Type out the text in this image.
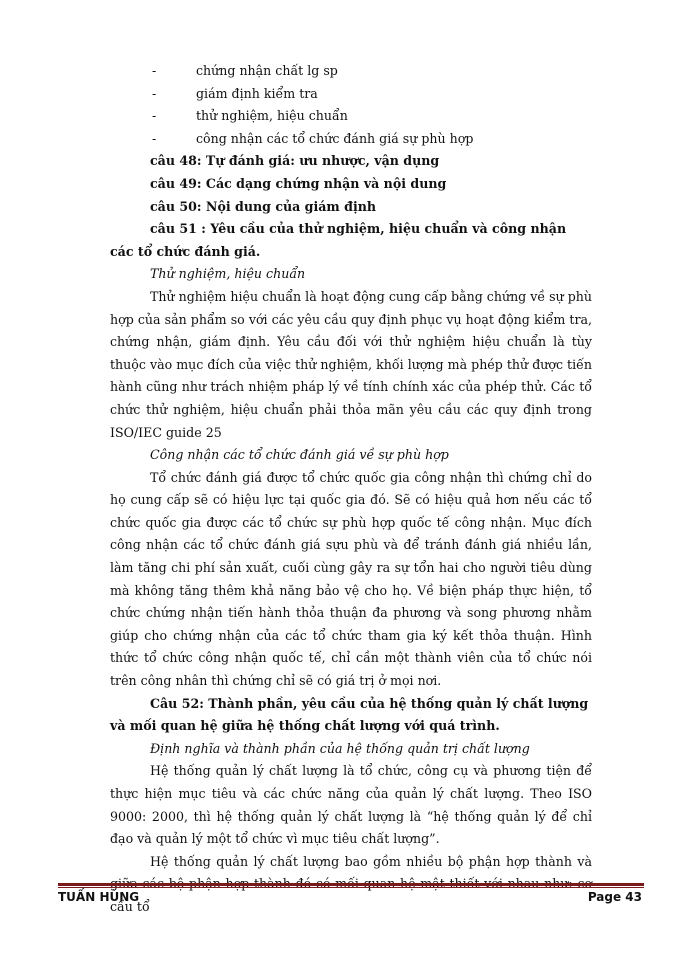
-	chứng nhận chất lg sp
-	giám định kiểm tra
-	thử nghiệm, hiệu chuẩn
-	công nhận các tổ chức đánh giá sự phù hợp
câu 48: Tự đánh giá: ưu nhược, vận dụng
câu 49: Các dạng chứng nhận và nội dung
câu 50: Nội dung của giám định
câu 51 : Yêu cầu của thử nghiệm, hiệu chuẩn và công nhận các tổ chức đánh giá.
Thử nghiệm, hiệu chuẩn
Thử nghiệm hiệu chuẩn là hoạt động cung cấp bằng chứng về sự phù hợp của sản phẩm so với các yêu cầu quy định phục vụ hoạt động kiểm tra, chứng nhận, giám định. Yêu cầu đối với thử nghiệm hiệu chuẩn là tùy thuộc vào mục đích của việc thử nghiệm, khối lượng mà phép thử được tiến hành cũng như trách nhiệm pháp lý về tính chính xác của phép thử. Các tổ chức thử nghiệm, hiệu chuẩn phải thỏa mãn yêu cầu các quy định trong ISO/IEC guide 25
Công nhận các tổ chức đánh giá về sự phù hợp
Tổ chức đánh giá được tổ chức quốc gia công nhận thì chứng chỉ do họ cung cấp sẽ có hiệu lực tại quốc gia đó. Sẽ có hiệu quả hơn nếu các tổ chức quốc gia được các tổ chức sự phù hợp quốc tế công nhận. Mục đích công nhận các tổ chức đánh giá sựu phù và để tránh đánh giá nhiều lần, làm tăng chi phí sản xuất, cuối cùng gây ra sự tổn hai cho người tiêu dùng mà không tăng thêm khả năng bảo vệ cho họ. Về biện pháp thực hiện, tổ chức chứng nhận tiến hành thỏa thuận đa phương và song phương nhằm giúp cho chứng nhận của các tổ chức tham gia ký kết thỏa thuận. Hình thức tổ chức công nhận quốc tế, chỉ cần một thành viên của tổ chức nói trên công nhân thì chứng chỉ sẽ có giá trị ở mọi nơi.
Câu 52: Thành phần, yêu cầu của hệ thống quản lý chất lượng và mối quan hệ giữa hệ thống chất lượng với quá trình.
Định nghĩa và thành phần của hệ thống quản trị chất lượng
Hệ thống quản lý chất lượng là tổ chức, công cụ và phương tiện để thực hiện mục tiêu và các chức năng của quản lý chất lượng. Theo ISO 9000: 2000, thì hệ thống quản lý chất lượng là “hệ thống quản lý để chỉ đạo và quản lý một tổ chức vì mục tiêu chất lượng”.
Hệ thống quản lý chất lượng bao gồm nhiều bộ phận hợp thành và cấu tổ
TUẤN HÙNG	Page 43
